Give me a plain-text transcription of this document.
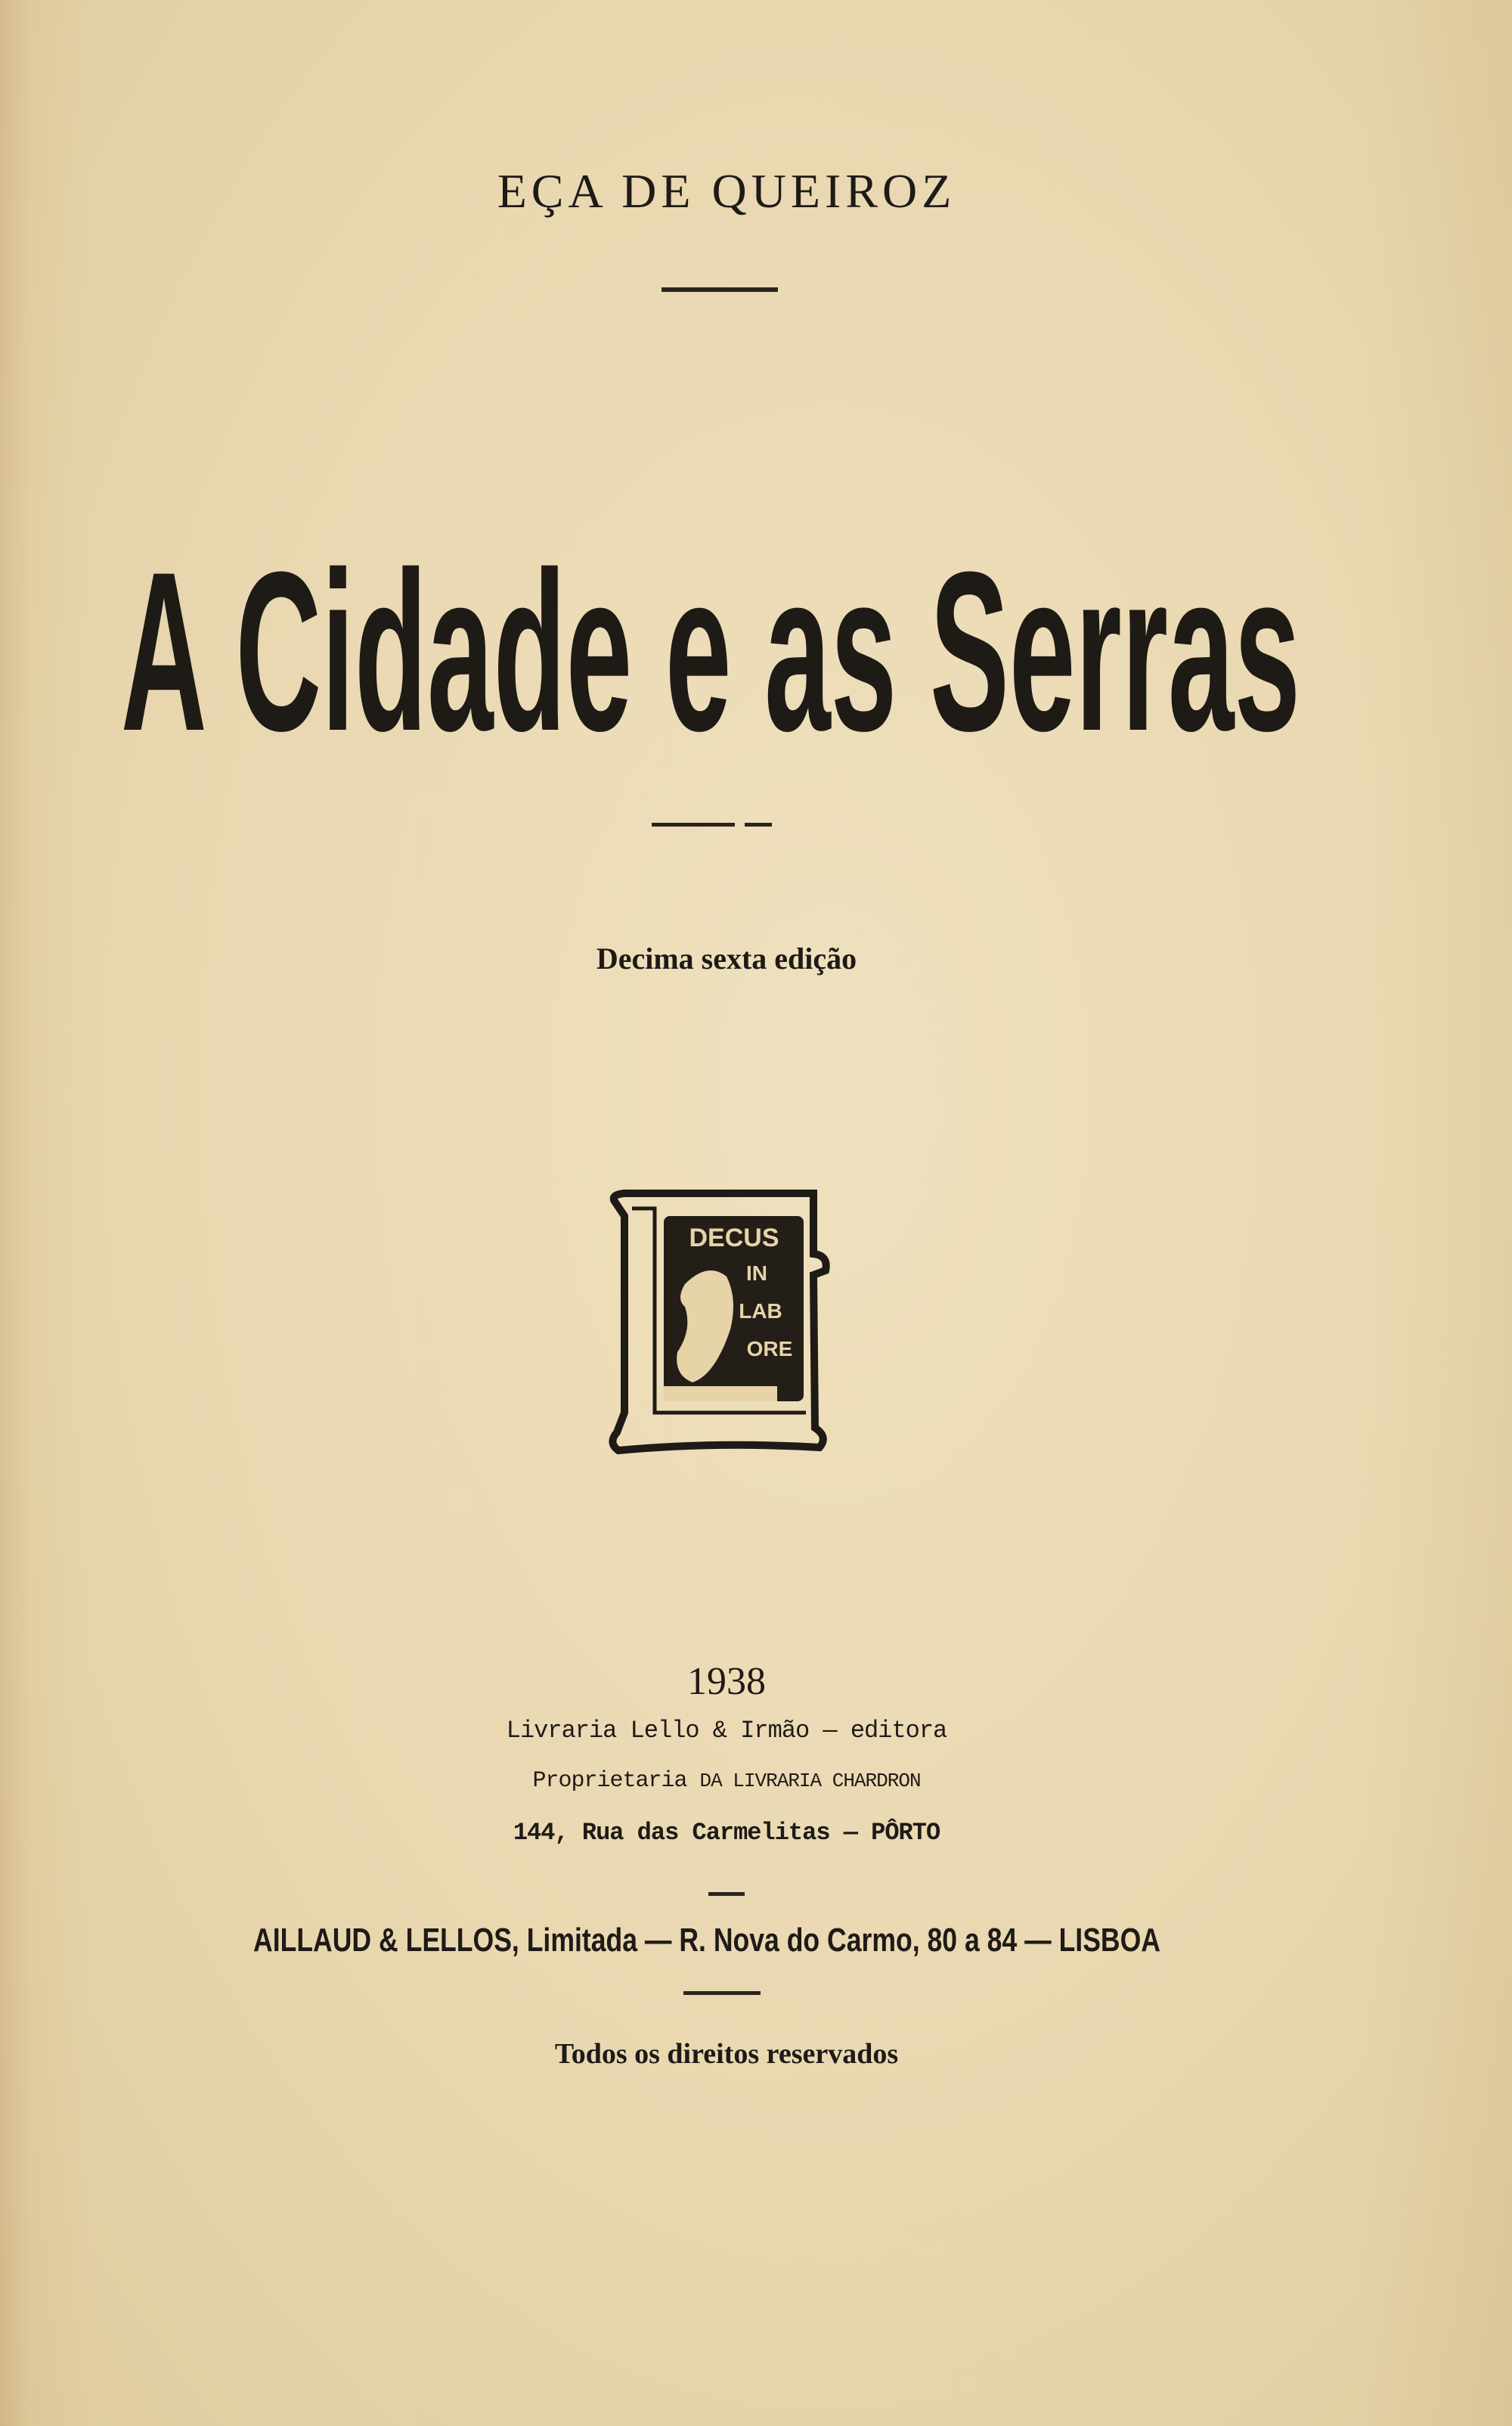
EÇA DE QUEIROZ
A Cidade e as Serras
Decima sexta edição
DECUS
IN
LAB
ORE
1938
Livraria Lello & Irmão — editora
Proprietaria DA LIVRARIA CHARDRON
144, Rua das Carmelitas — PÔRTO
AILLAUD & LELLOS, Limitada — R. Nova do Carmo, 80 a 84 — LISBOA
Todos os direitos reservados
